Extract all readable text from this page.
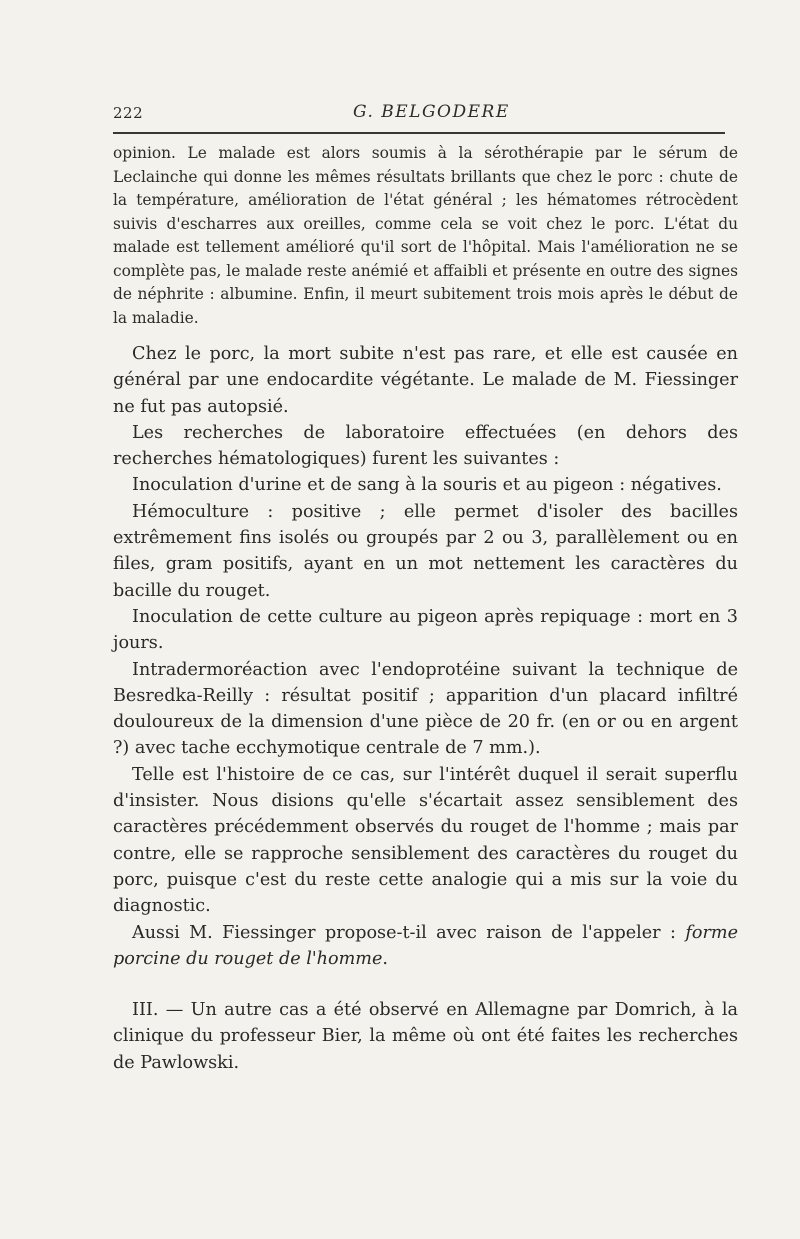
222	G. BELGODERE

opinion. Le malade est alors soumis à la sérothérapie par le sérum de Leclainche qui donne les mêmes résultats brillants que chez le porc : chute de la température, amélioration de l'état général ; les hématomes rétrocèdent suivis d'escharres aux oreilles, comme cela se voit chez le porc. L'état du malade est tellement amélioré qu'il sort de l'hôpital. Mais l'amélioration ne se complète pas, le malade reste anémié et affaibli et présente en outre des signes de néphrite : albumine. Enfin, il meurt subitement trois mois après le début de la maladie.

Chez le porc, la mort subite n'est pas rare, et elle est causée en général par une endocardite végétante. Le malade de M. Fiessinger ne fut pas autopsié.

Les recherches de laboratoire effectuées (en dehors des recherches hématologiques) furent les suivantes :

Inoculation d'urine et de sang à la souris et au pigeon : négatives.

Hémoculture : positive ; elle permet d'isoler des bacilles extrêmement fins isolés ou groupés par 2 ou 3, parallèlement ou en files, gram positifs, ayant en un mot nettement les caractères du bacille du rouget.

Inoculation de cette culture au pigeon après repiquage : mort en 3 jours.

Intradermoréaction avec l'endoprotéine suivant la technique de Besredka-Reilly : résultat positif ; apparition d'un placard infiltré douloureux de la dimension d'une pièce de 20 fr. (en or ou en argent ?) avec tache ecchymotique centrale de 7 mm.).

Telle est l'histoire de ce cas, sur l'intérêt duquel il serait superflu d'insister. Nous disions qu'elle s'écartait assez sensiblement des caractères précédemment observés du rouget de l'homme ; mais par contre, elle se rapproche sensiblement des caractères du rouget du porc, puisque c'est du reste cette analogie qui a mis sur la voie du diagnostic.

Aussi M. Fiessinger propose-t-il avec raison de l'appeler : forme porcine du rouget de l'homme.

III. — Un autre cas a été observé en Allemagne par Domrich, à la clinique du professeur Bier, la même où ont été faites les recherches de Pawlowski.
